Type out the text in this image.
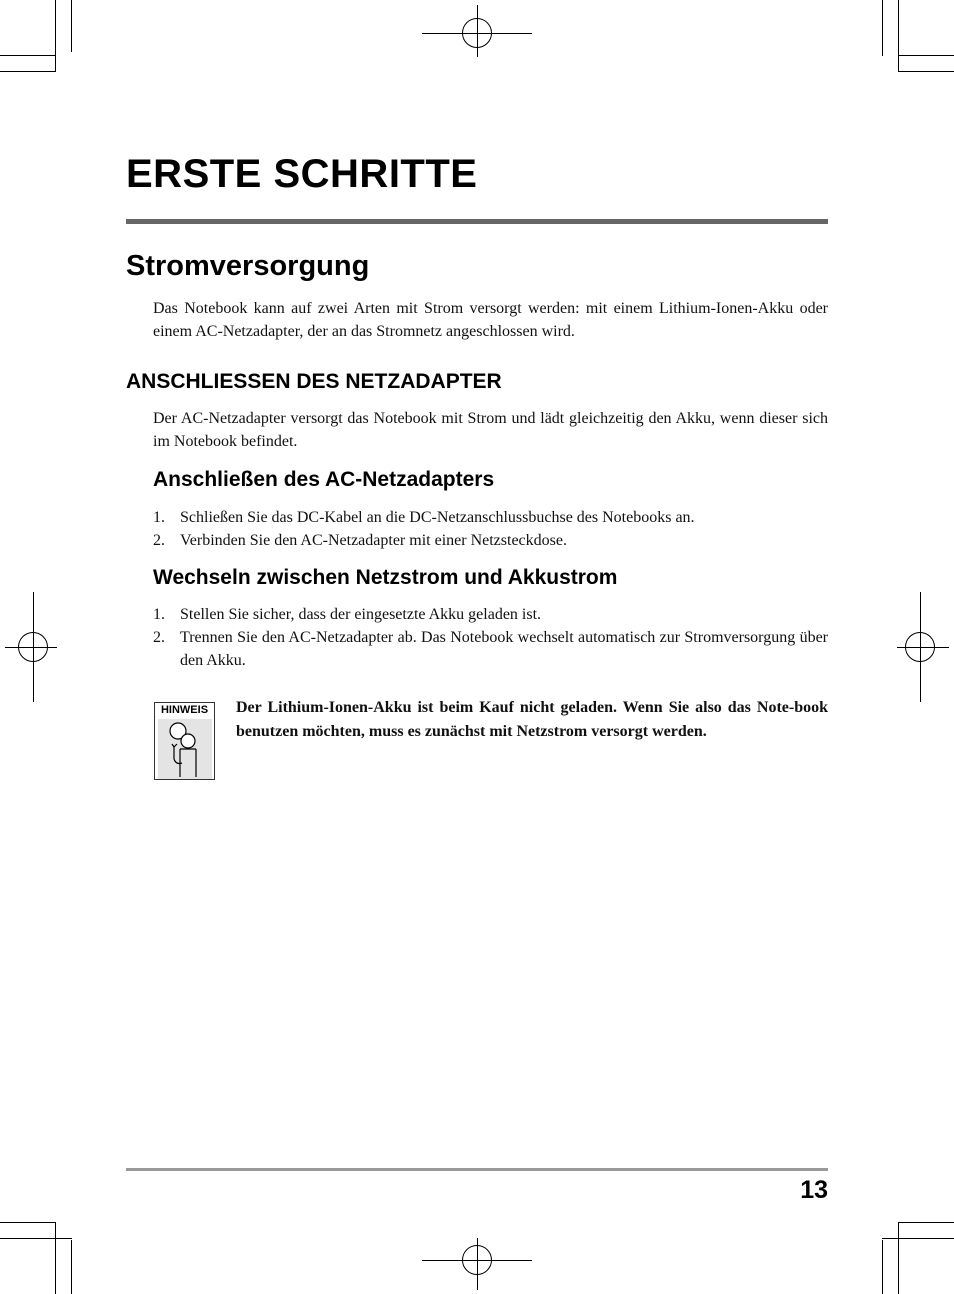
ERSTE SCHRITTE
Stromversorgung

Das Notebook kann auf zwei Arten mit Strom versorgt werden: mit einem Lithium-Ionen-Akku oder einem AC-Netzadapter, der an das Stromnetz angeschlossen wird.

ANSCHLIESSEN DES NETZADAPTER

Der AC-Netzadapter versorgt das Notebook mit Strom und lädt gleichzeitig den Akku, wenn dieser sich im Notebook befindet.

Anschließen des AC-Netzadapters
1. Schließen Sie das DC-Kabel an die DC-Netzanschlussbuchse des Notebooks an.
2. Verbinden Sie den AC-Netzadapter mit einer Netzsteckdose.
Wechseln zwischen Netzstrom und Akkustrom
1. Stellen Sie sicher, dass der eingesetzte Akku geladen ist.
2. Trennen Sie den AC-Netzadapter ab. Das Notebook wechselt automatisch zur Stromversorgung über den Akku.
HINWEIS	Der Lithium-Ionen-Akku ist beim Kauf nicht geladen. Wenn Sie also das Note-book benutzen möchten, muss es zunächst mit Netzstrom versorgt werden.

13
